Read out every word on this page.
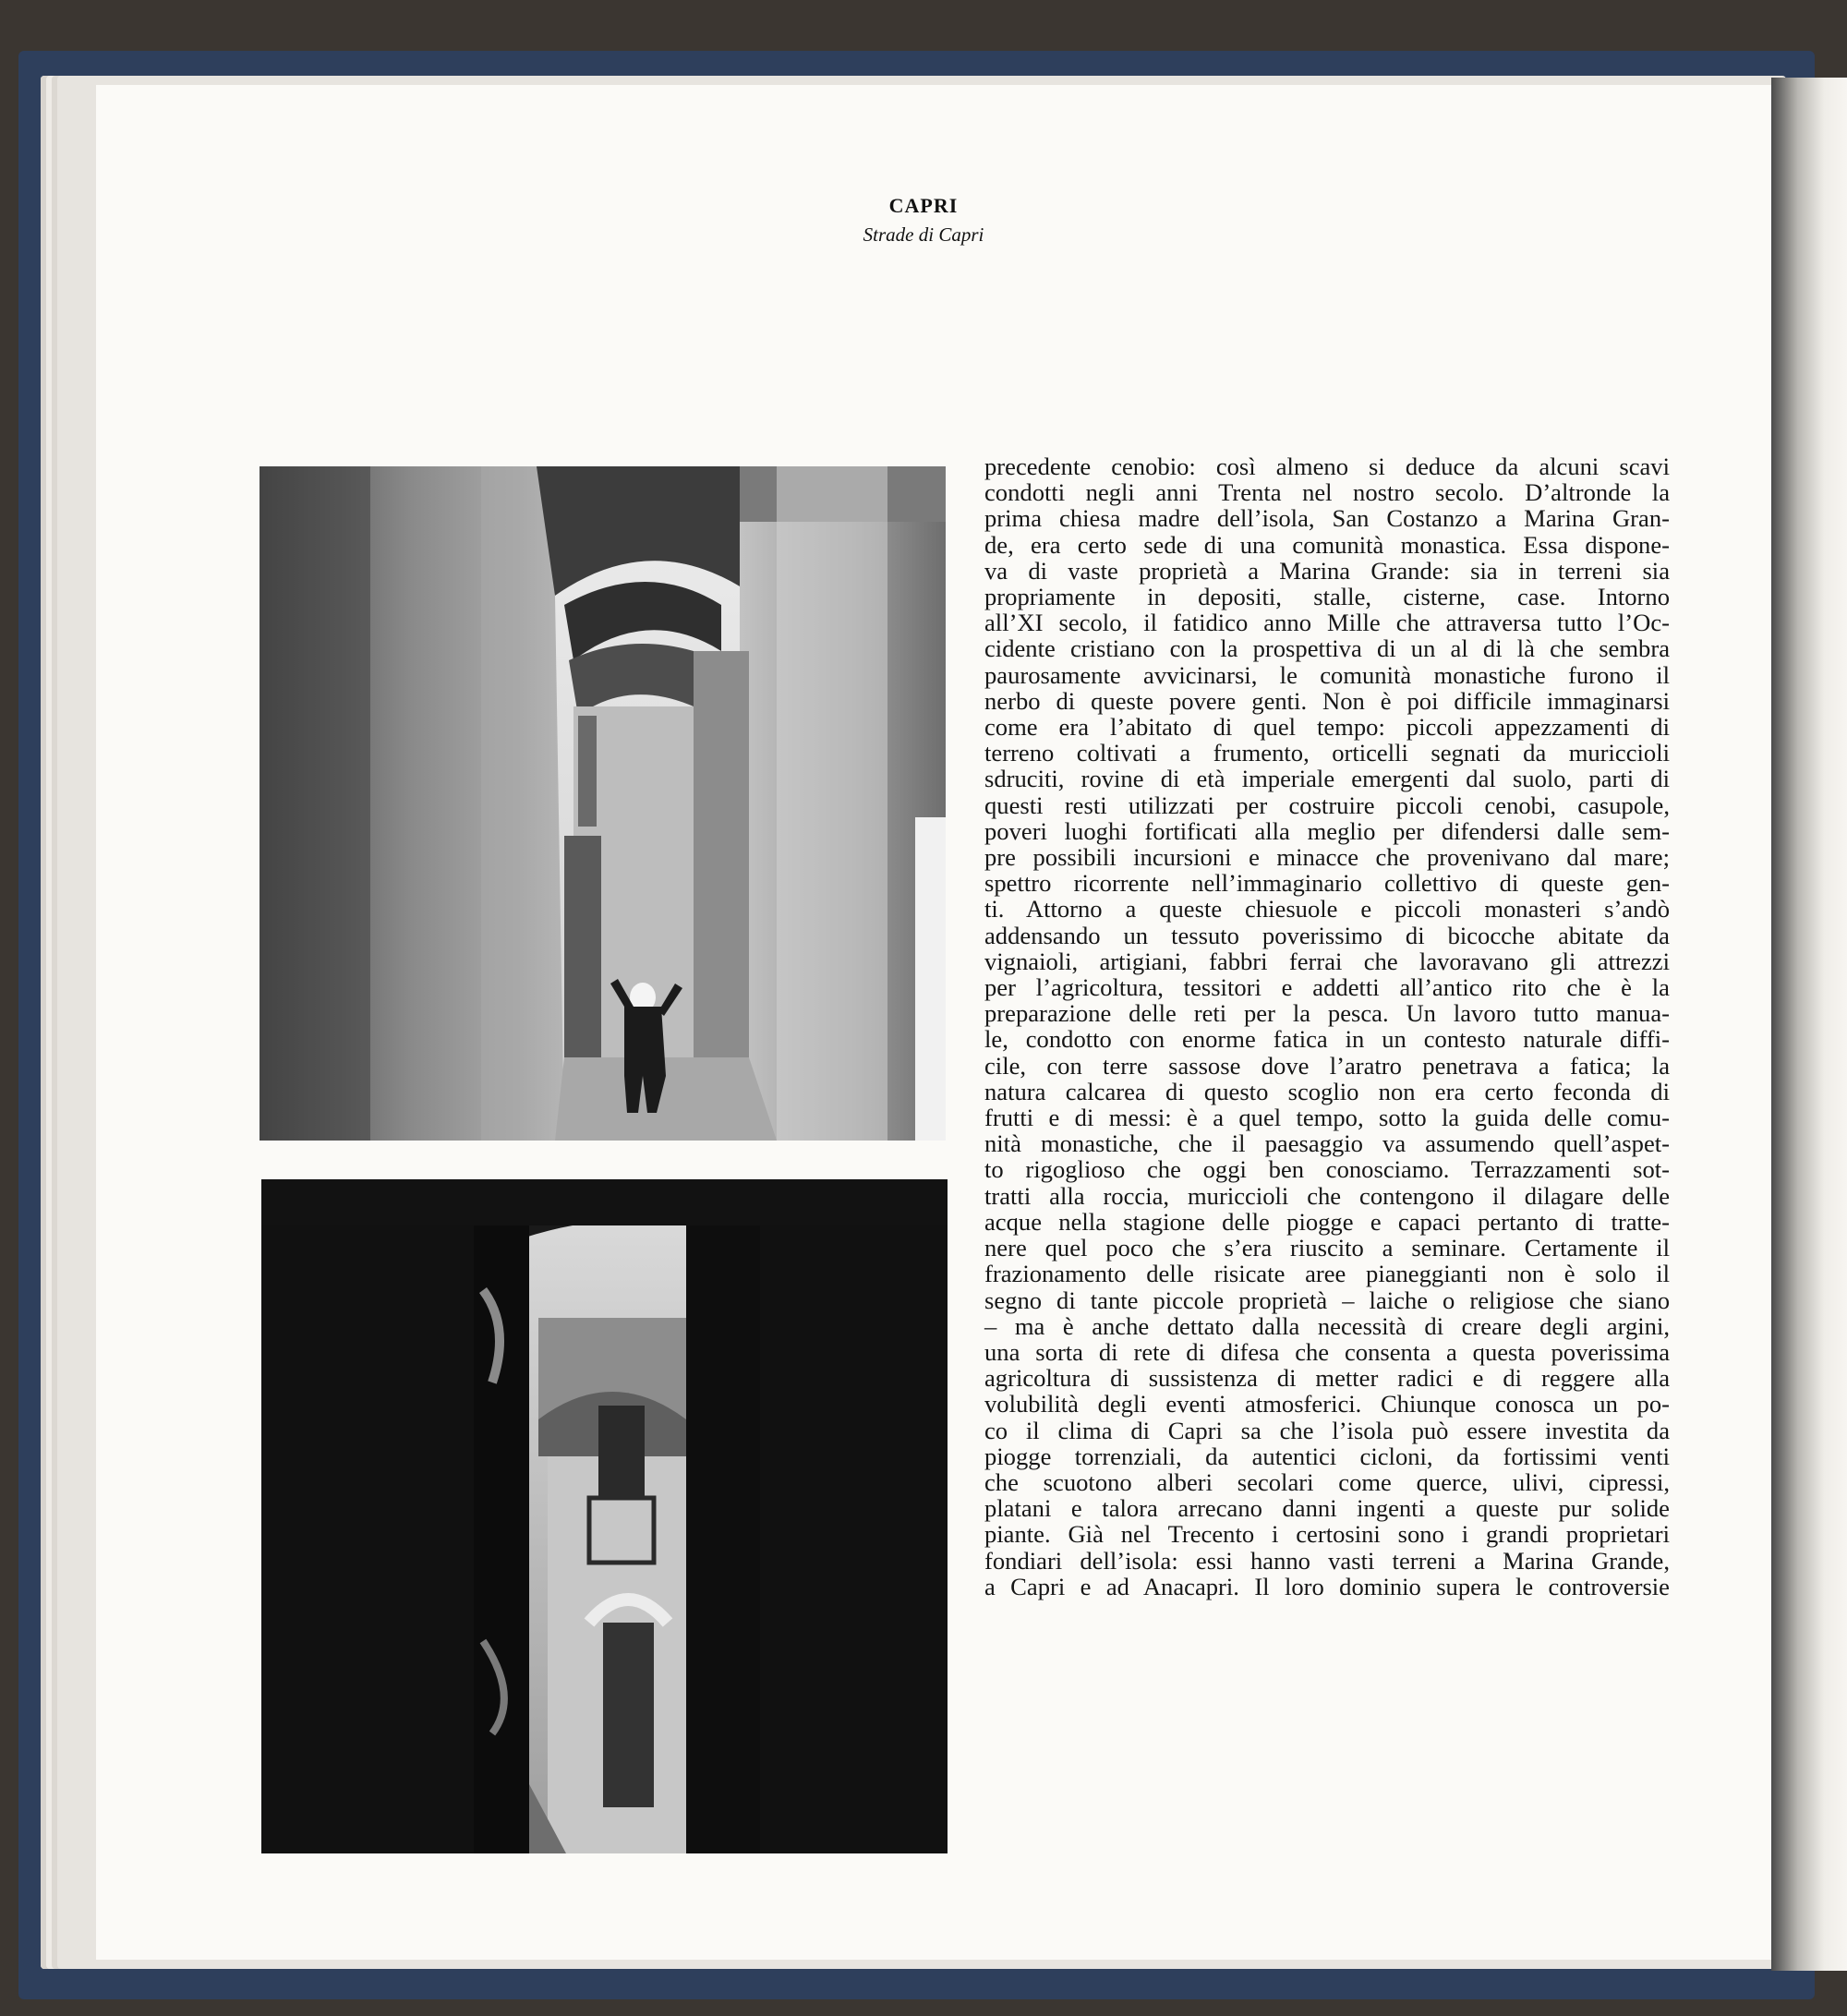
CAPRI
Strade di Capri

precedente cenobio: così almeno si deduce da alcuni scavi
condotti negli anni Trenta nel nostro secolo. D’altronde la
prima chiesa madre dell’isola, San Costanzo a Marina Gran-
de, era certo sede di una comunità monastica. Essa dispone-
va di vaste proprietà a Marina Grande: sia in terreni sia
propriamente in depositi, stalle, cisterne, case. Intorno
all’XI secolo, il fatidico anno Mille che attraversa tutto l’Oc-
cidente cristiano con la prospettiva di un al di là che sembra
paurosamente avvicinarsi, le comunità monastiche furono il
nerbo di queste povere genti. Non è poi difficile immaginarsi
come era l’abitato di quel tempo: piccoli appezzamenti di
terreno coltivati a frumento, orticelli segnati da muriccioli
sdruciti, rovine di età imperiale emergenti dal suolo, parti di
questi resti utilizzati per costruire piccoli cenobi, casupole,
poveri luoghi fortificati alla meglio per difendersi dalle sem-
pre possibili incursioni e minacce che provenivano dal mare;
spettro ricorrente nell’immaginario collettivo di queste gen-
ti. Attorno a queste chiesuole e piccoli monasteri s’andò
addensando un tessuto poverissimo di bicocche abitate da
vignaioli, artigiani, fabbri ferrai che lavoravano gli attrezzi
per l’agricoltura, tessitori e addetti all’antico rito che è la
preparazione delle reti per la pesca. Un lavoro tutto manua-
le, condotto con enorme fatica in un contesto naturale diffi-
cile, con terre sassose dove l’aratro penetrava a fatica; la
natura calcarea di questo scoglio non era certo feconda di
frutti e di messi: è a quel tempo, sotto la guida delle comu-
nità monastiche, che il paesaggio va assumendo quell’aspet-
to rigoglioso che oggi ben conosciamo. Terrazzamenti sot-
tratti alla roccia, muriccioli che contengono il dilagare delle
acque nella stagione delle piogge e capaci pertanto di tratte-
nere quel poco che s’era riuscito a seminare. Certamente il
frazionamento delle risicate aree pianeggianti non è solo il
segno di tante piccole proprietà – laiche o religiose che siano
– ma è anche dettato dalla necessità di creare degli argini,
una sorta di rete di difesa che consenta a questa poverissima
agricoltura di sussistenza di metter radici e di reggere alla
volubilità degli eventi atmosferici. Chiunque conosca un po-
co il clima di Capri sa che l’isola può essere investita da
piogge torrenziali, da autentici cicloni, da fortissimi venti
che scuotono alberi secolari come querce, ulivi, cipressi,
platani e talora arrecano danni ingenti a queste pur solide
piante. Già nel Trecento i certosini sono i grandi proprietari
fondiari dell’isola: essi hanno vasti terreni a Marina Grande,
a Capri e ad Anacapri. Il loro dominio supera le controversie
